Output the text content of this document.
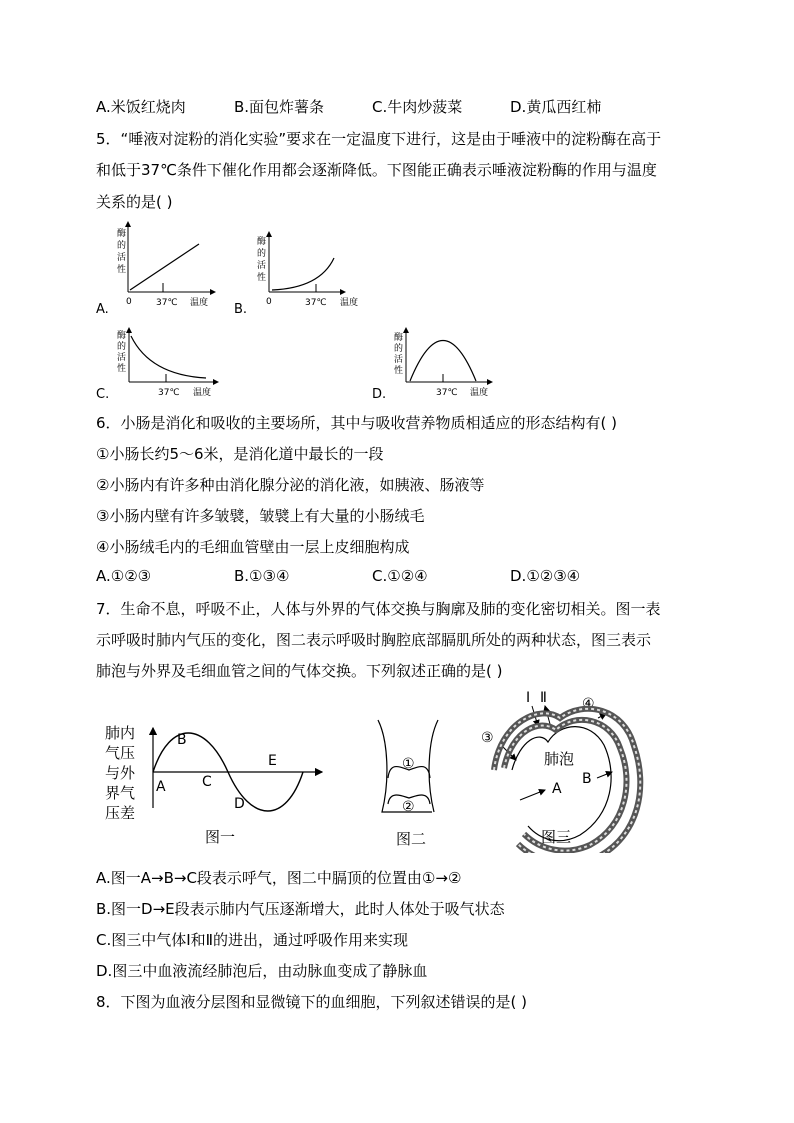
A.米饭红烧肉	B.面包炸薯条	C.牛肉炒菠菜	D.黄瓜西红柿
5．“唾液对淀粉的消化实验”要求在一定温度下进行，这是由于唾液中的淀粉酶在高于
和低于37℃条件下催化作用都会逐渐降低。下图能正确表示唾液淀粉酶的作用与温度
关系的是( )
A.
酶
的
活
性
0	37℃ 温度 B.
酶
的
活
性
0	37℃ 温度
C.
酶
的
活
性
37℃ 温度	D.
酶
的
活
性
37℃ 温度
6．小肠是消化和吸收的主要场所，其中与吸收营养物质相适应的形态结构有( )
①小肠长约5～6米，是消化道中最长的一段
②小肠内有许多种由消化腺分泌的消化液，如胰液、肠液等
③小肠内壁有许多皱襞，皱襞上有大量的小肠绒毛
④小肠绒毛内的毛细血管壁由一层上皮细胞构成
A.①②③	B.①③④	C.①②④	D.①②③④
7．生命不息，呼吸不止，人体与外界的气体交换与胸廓及肺的变化密切相关。图一表
示呼吸时肺内气压的变化，图二表示呼吸时胸腔底部膈肌所处的两种状态，图三表示
肺泡与外界及毛细血管之间的气体交换。下列叙述正确的是( )
肺内
气压
与外
界气
压差
A
B
C
D
E
图一
①
②
图二
Ⅰ Ⅱ	④
③
肺泡
A
B
图三
A.图一A→B→C段表示呼气，图二中膈顶的位置由①→②
B.图一D→E段表示肺内气压逐渐增大，此时人体处于吸气状态
C.图三中气体Ⅰ和Ⅱ的进出，通过呼吸作用来实现
D.图三中血液流经肺泡后，由动脉血变成了静脉血
8．下图为血液分层图和显微镜下的血细胞，下列叙述错误的是( )
